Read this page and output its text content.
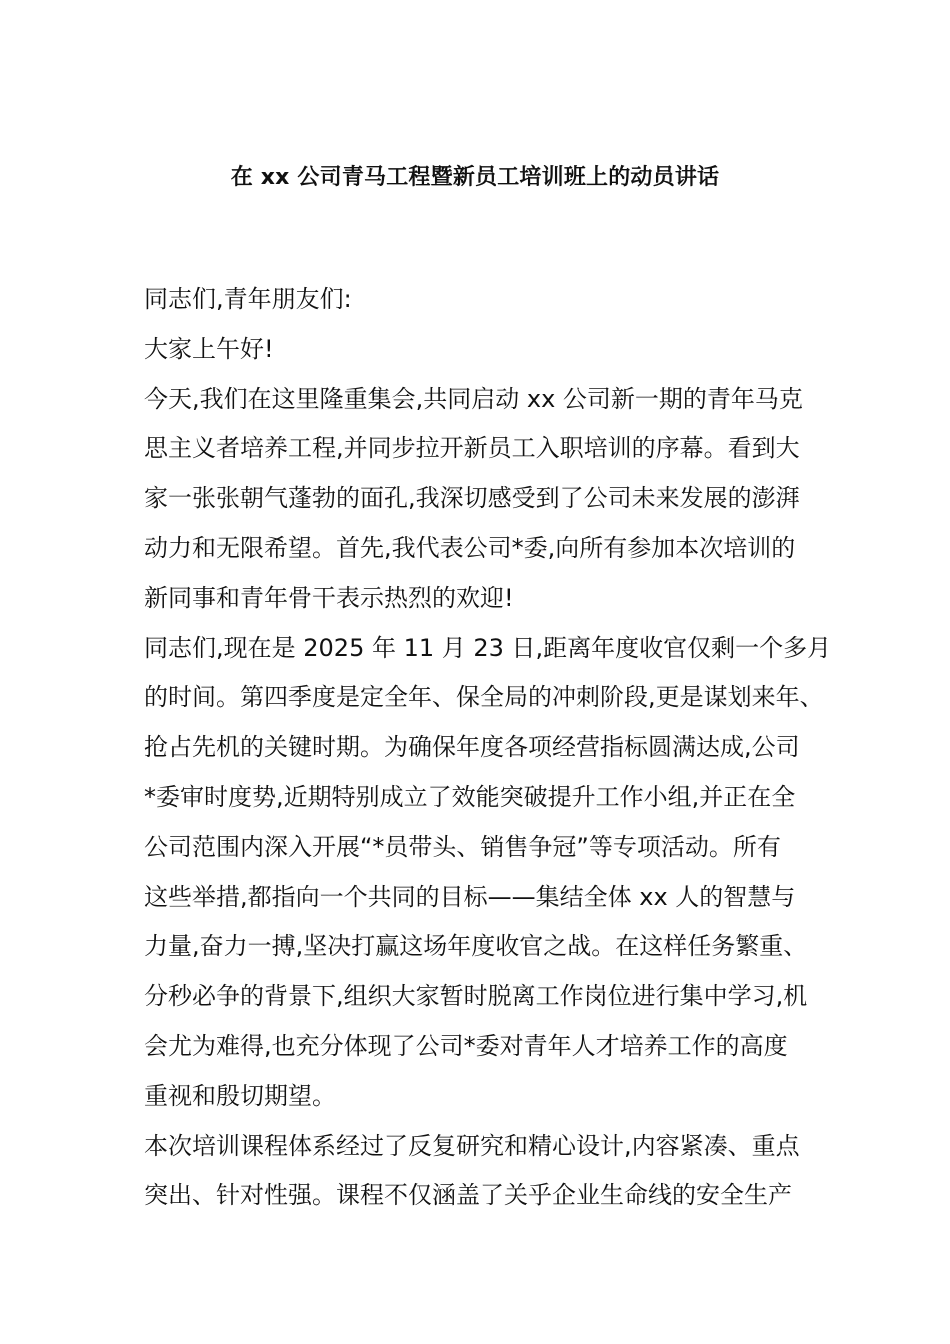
在 xx 公司青马工程暨新员工培训班上的动员讲话
同志们,青年朋友们:
大家上午好!
今天,我们在这里隆重集会,共同启动 xx 公司新一期的青年马克
思主义者培养工程,并同步拉开新员工入职培训的序幕。看到大
家一张张朝气蓬勃的面孔,我深切感受到了公司未来发展的澎湃
动力和无限希望。首先,我代表公司*委,向所有参加本次培训的
新同事和青年骨干表示热烈的欢迎!
同志们,现在是 2025 年 11 月 23 日,距离年度收官仅剩一个多月
的时间。第四季度是定全年、保全局的冲刺阶段,更是谋划来年、
抢占先机的关键时期。为确保年度各项经营指标圆满达成,公司
*委审时度势,近期特别成立了效能突破提升工作小组,并正在全
公司范围内深入开展“*员带头、销售争冠”等专项活动。所有
这些举措,都指向一个共同的目标——集结全体 xx 人的智慧与
力量,奋力一搏,坚决打赢这场年度收官之战。在这样任务繁重、
分秒必争的背景下,组织大家暂时脱离工作岗位进行集中学习,机
会尤为难得,也充分体现了公司*委对青年人才培养工作的高度
重视和殷切期望。
本次培训课程体系经过了反复研究和精心设计,内容紧凑、重点
突出、针对性强。课程不仅涵盖了关乎企业生命线的安全生产
